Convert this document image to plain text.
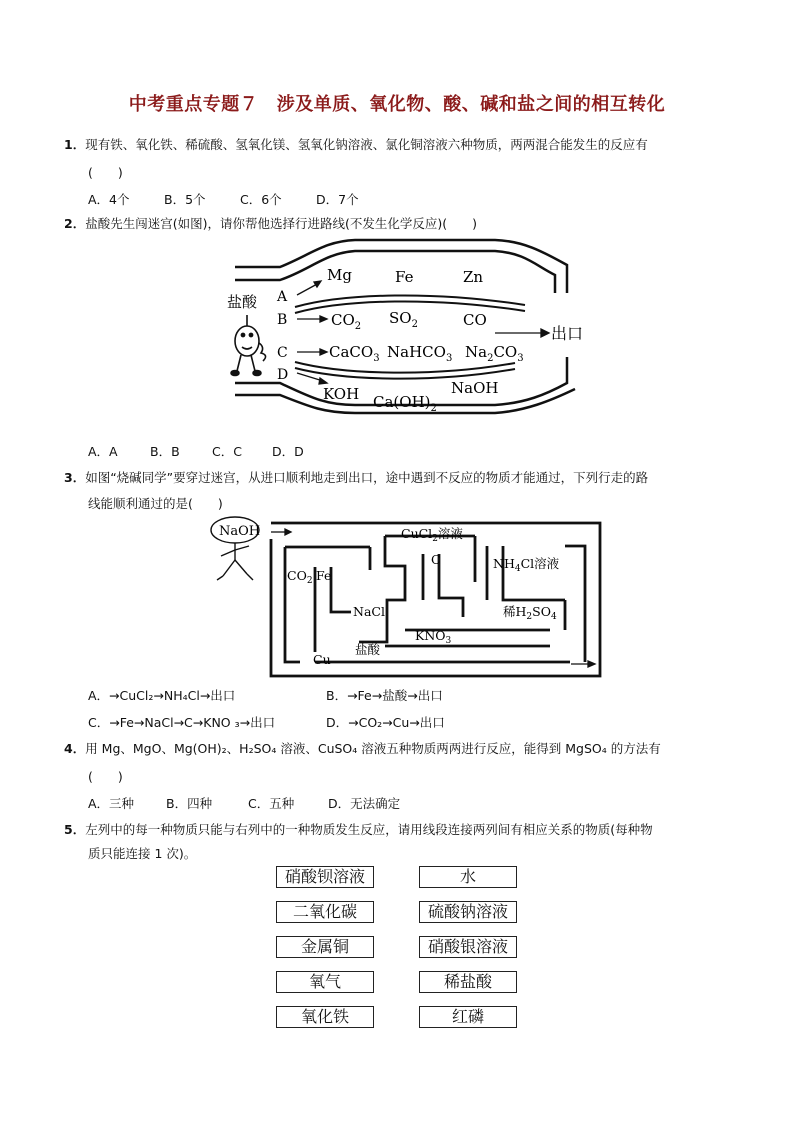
中考重点专题７　涉及单质、氧化物、酸、碱和盐之间的相互转化
1．现有铁、氧化铁、稀硫酸、氢氧化镁、氢氧化钠溶液、氯化铜溶液六种物质，两两混合能发生的反应有
(　　)
A．4个	B．5个	C．6个	D．7个
2．盐酸先生闯迷宫(如图)，请你帮他选择行进路线(不发生化学反应)(　　)
盐酸 A
B
C
D
Mg	Fe	Zn
$CO_2$ $SO_2$	CO
CaCO$_3$ NaHCO$_3$ $Na_2CO_3$
KOH $Ca(OH)_2$
NaOH
出口
A．A	B．B	C．C D．D
3．如图“烧碱同学”要穿过迷宫，从进口顺利地走到出口，途中遇到不反应的物质才能通过，下列行走的路
线能顺利通过的是(　　)
NaOH	CuCl$_2$溶液
C	$NH_4Cl$溶液
$CO_2$ Fe
NaCl	稀$H_2SO_4$
$KNO_3$
盐酸
Cu
A．→CuCl₂→NH₄Cl→出口	B．→Fe→盐酸→出口
C．→Fe→NaCl→C→KNO ₃→出口	D．→CO₂→Cu→出口
4．用 Mg、MgO、Mg(OH)₂、H₂SO₄ 溶液、CuSO₄ 溶液五种物质两两进行反应，能得到 MgSO₄ 的方法有
(　　)
A．三种	B．四种	C．五种	D．无法确定
5．左列中的每一种物质只能与右列中的一种物质发生反应，请用线段连接两列间有相应关系的物质(每种物
质只能连接 1 次)。
硝酸钡溶液
二氧化碳
金属铜
氧气
氧化铁
水
硫酸钠溶液
硝酸银溶液
稀盐酸
红磷
